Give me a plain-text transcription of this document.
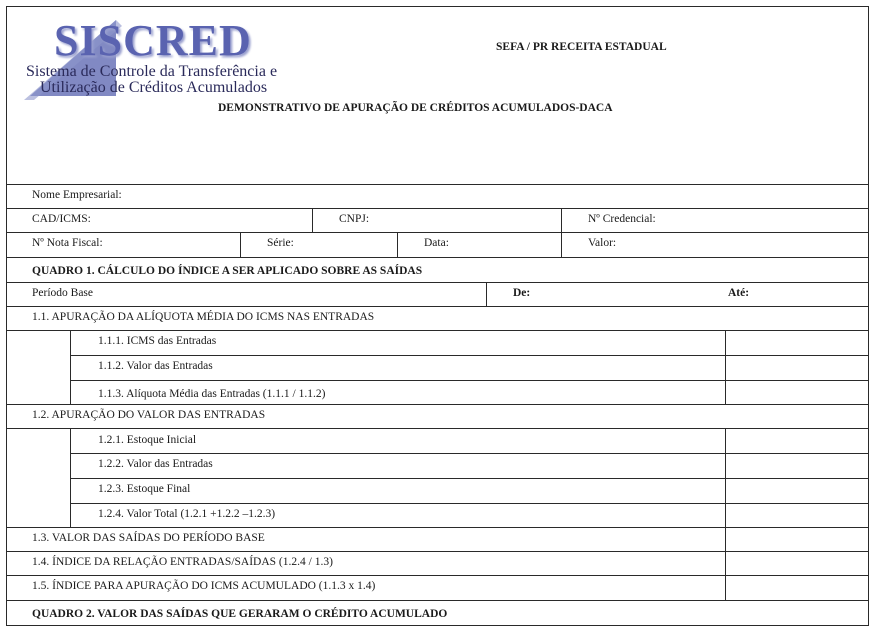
SISCRED
Sistema de Controle da Transferência e
Utilização de Créditos Acumulados
SEFA / PR RECEITA ESTADUAL
DEMONSTRATIVO DE APURAÇÃO DE CRÉDITOS ACUMULADOS-DACA
Nome Empresarial:
CAD/ICMS:	CNPJ:	Nº Credencial:
Nº Nota Fiscal:	Série:	Data:	Valor:
QUADRO 1. CÁLCULO DO ÍNDICE A SER APLICADO SOBRE AS SAÍDAS
Período Base	De:	Até:
1.1. APURAÇÃO DA ALÍQUOTA MÉDIA DO ICMS NAS ENTRADAS
1.1.1. ICMS das Entradas
1.1.2. Valor das Entradas
1.1.3. Alíquota Média das Entradas (1.1.1 / 1.1.2)
1.2. APURAÇÃO DO VALOR DAS ENTRADAS
1.2.1. Estoque Inicial
1.2.2. Valor das Entradas
1.2.3. Estoque Final
1.2.4. Valor Total (1.2.1 +1.2.2 –1.2.3)
1.3. VALOR DAS SAÍDAS DO PERÍODO BASE
1.4. ÍNDICE DA RELAÇÃO ENTRADAS/SAÍDAS (1.2.4 / 1.3)
1.5. ÍNDICE PARA APURAÇÃO DO ICMS ACUMULADO (1.1.3 x 1.4)
QUADRO 2. VALOR DAS SAÍDAS QUE GERARAM O CRÉDITO ACUMULADO
